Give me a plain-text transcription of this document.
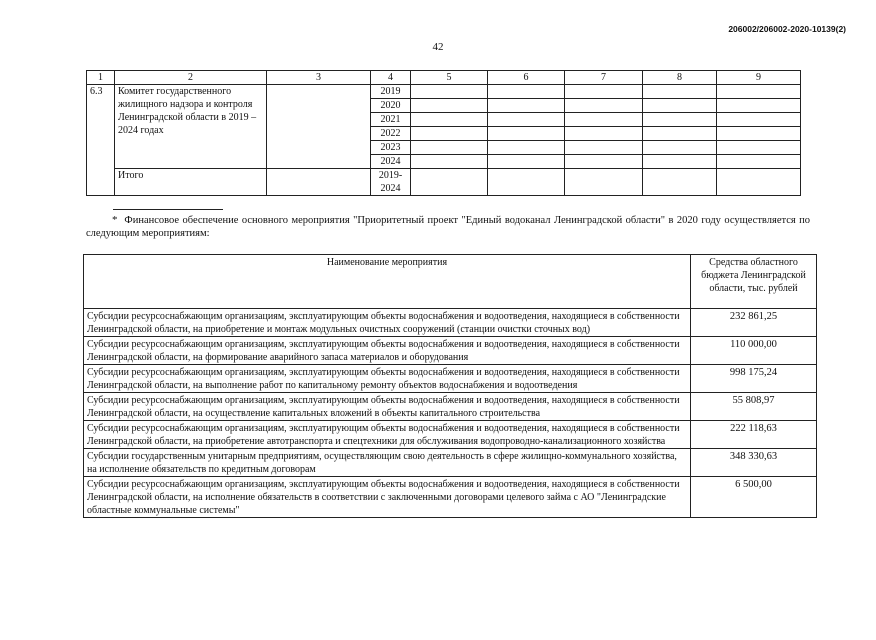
206002/206002-2020-10139(2)
42
1	2	3	4	5	6	7	8	9
6.3	Комитет государственного жилищного надзора и контроля Ленинградской области в 2019 – 2024 годах		2019					
			2020					
			2021					
			2022					
			2023					
			2024					
	Итого		2019-
2024					
* Финансовое обеспечение основного мероприятия "Приоритетный проект "Единый водоканал Ленинградской области" в 2020 году осуществляется по следующим мероприятиям:
Наименование мероприятия	Средства областного бюджета Ленинградской области, тыс. рублей
Субсидии ресурсоснабжающим организациям, эксплуатирующим объекты водоснабжения и водоотведения, находящиеся в собственности Ленинградской области, на приобретение и монтаж модульных очистных сооружений (станции очистки сточных вод)	232 861,25
Субсидии ресурсоснабжающим организациям, эксплуатирующим объекты водоснабжения и водоотведения, находящиеся в собственности Ленинградской области, на формирование аварийного запаса материалов и оборудования	110 000,00
Субсидии ресурсоснабжающим организациям, эксплуатирующим объекты водоснабжения и водоотведения, находящиеся в собственности Ленинградской области, на выполнение работ по капитальному ремонту объектов водоснабжения и водоотведения	998 175,24
Субсидии ресурсоснабжающим организациям, эксплуатирующим объекты водоснабжения и водоотведения, находящиеся в собственности Ленинградской области, на осуществление капитальных вложений в объекты капитального строительства	55 808,97
Субсидии ресурсоснабжающим организациям, эксплуатирующим объекты водоснабжения и водоотведения, находящиеся в собственности Ленинградской области, на приобретение автотранспорта и спецтехники для обслуживания водопроводно-канализационного хозяйства	222 118,63
Субсидии государственным унитарным предприятиям, осуществляющим свою деятельность в сфере жилищно-коммунального хозяйства, на исполнение обязательств по кредитным договорам	348 330,63
Субсидии ресурсоснабжающим организациям, эксплуатирующим объекты водоснабжения и водоотведения, находящиеся в собственности Ленинградской области, на исполнение обязательств в соответствии с заключенными договорами целевого займа с АО "Ленинградские областные коммунальные системы"	6 500,00
